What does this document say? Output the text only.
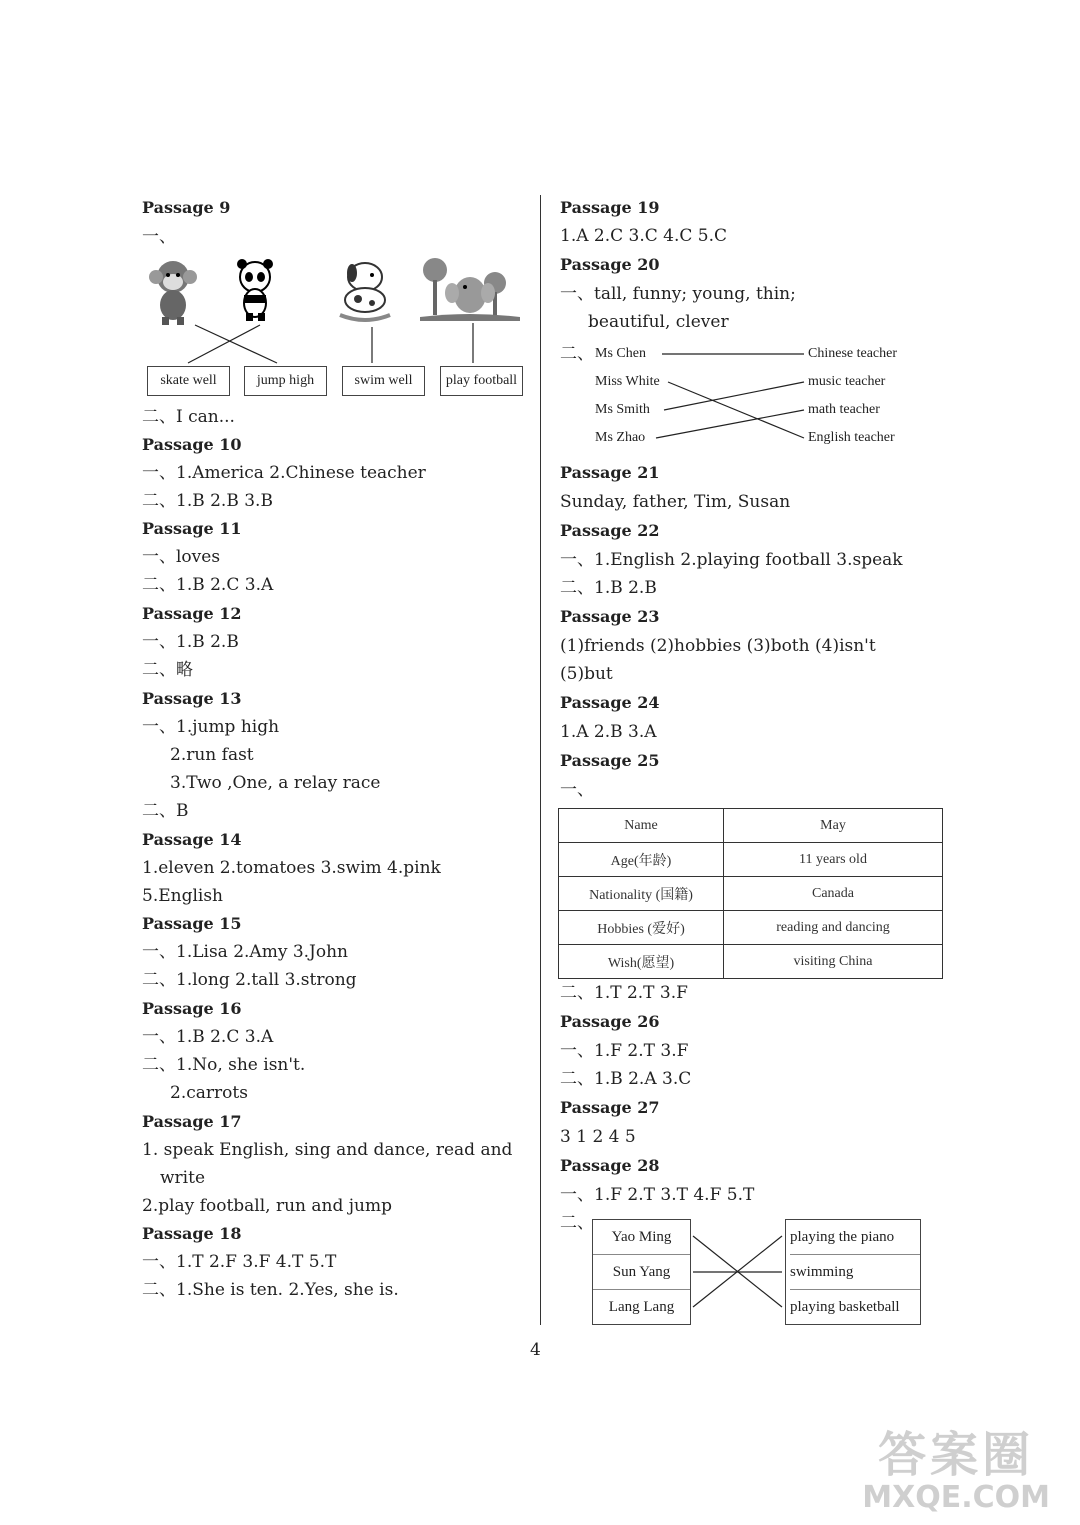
Passage 9
一、
skate well	jump high	swim well	play football
二、I can...
Passage 10
一、1.America 2.Chinese teacher
二、1.B 2.B 3.B
Passage 11
一、loves
二、1.B 2.C 3.A
Passage 12
一、1.B 2.B
二、略
Passage 13
一、1.jump high
2.run fast
3.Two ,One, a relay race
二、B
Passage 14
1.eleven 2.tomatoes 3.swim 4.pink
5.English
Passage 15
一、1.Lisa 2.Amy 3.John
二、1.long 2.tall 3.strong
Passage 16
一、1.B 2.C 3.A
二、1.No, she isn't.
2.carrots
Passage 17
1. speak English, sing and dance, read and
write
2.play football, run and jump
Passage 18
一、1.T 2.F 3.F 4.T 5.T
二、1.She is ten. 2.Yes, she is.
Passage 19
1.A 2.C 3.C 4.C 5.C
Passage 20
一、tall, funny; young, thin;
beautiful, clever
二、 Ms Chen
Miss White
Ms Smith
Ms Zhao
Chinese teacher
music teacher
math teacher
English teacher
Passage 21
Sunday, father, Tim, Susan
Passage 22
一、1.English 2.playing football 3.speak
二、1.B 2.B
Passage 23
(1)friends (2)hobbies (3)both (4)isn't
(5)but
Passage 24
1.A 2.B 3.A
Passage 25
一、
Name	May
Age(年龄)	11 years old
Nationality (国籍)	Canada
Hobbies (爱好)	reading and dancing
Wish(愿望)	visiting China
二、1.T 2.T 3.F
Passage 26
一、1.F 2.T 3.F
二、1.B 2.A 3.C
Passage 27
3 1 2 4 5
Passage 28
一、1.F 2.T 3.T 4.F 5.T
二、
Yao Ming
Sun Yang
Lang Lang
playing the piano
swimming
playing basketball
4
答案圈
MXQE.COM
